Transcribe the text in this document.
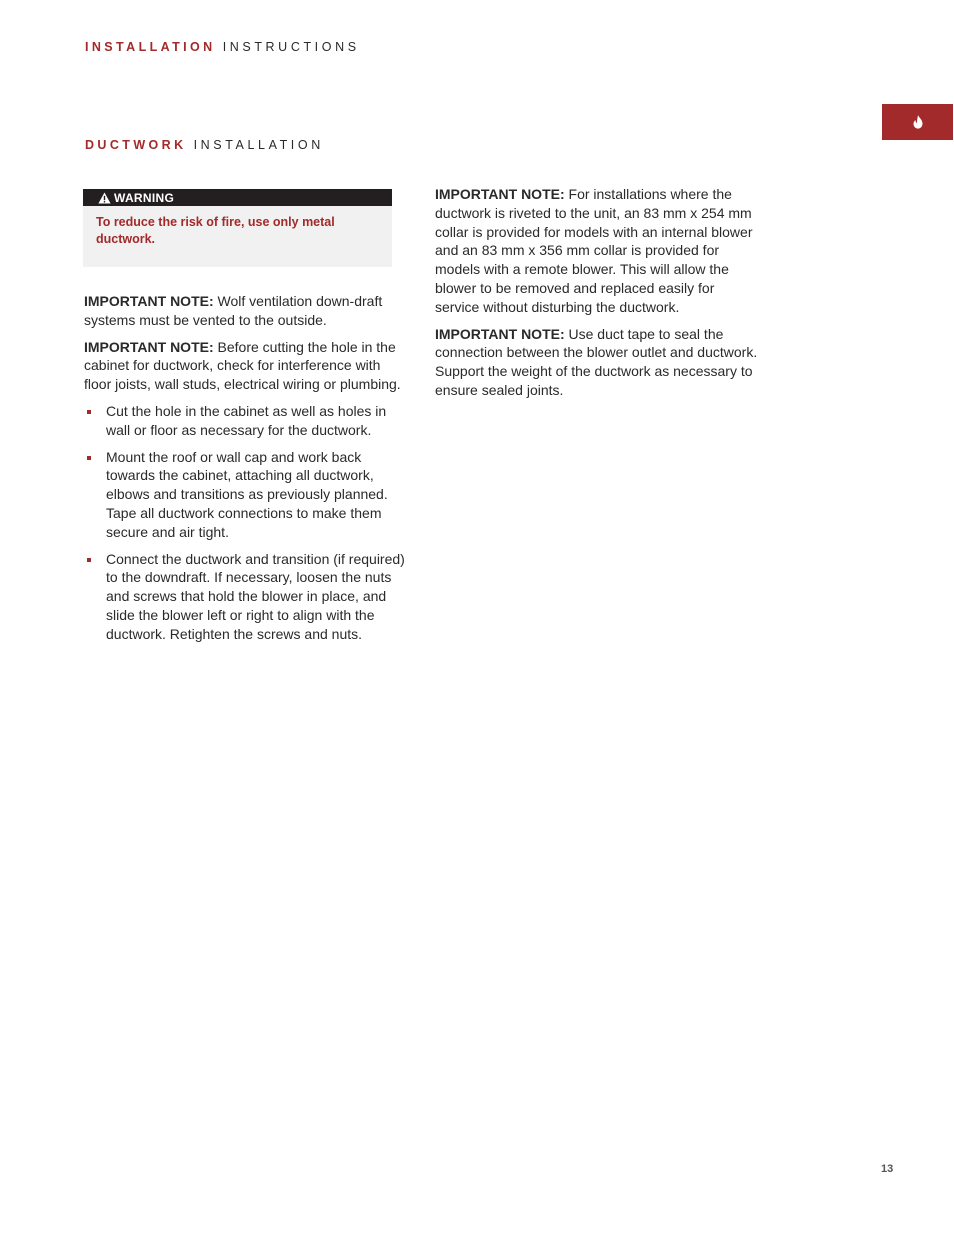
INSTALLATION INSTRUCTIONS
DUCTWORK INSTALLATION
WARNING
To reduce the risk of fire, use only metal ductwork.

IMPORTANT NOTE: Wolf ventilation down-draft systems must be vented to the outside.

IMPORTANT NOTE: Before cutting the hole in the cabinet for ductwork, check for interference with floor joists, wall studs, electrical wiring or plumbing.

Cut the hole in the cabinet as well as holes in wall or floor as necessary for the ductwork.
Mount the roof or wall cap and work back towards the cabinet, attaching all ductwork, elbows and transitions as previously planned. Tape all ductwork connections to make them secure and air tight.
Connect the ductwork and transition (if required) to the downdraft. If necessary, loosen the nuts and screws that hold the blower in place, and slide the blower left or right to align with the ductwork. Retighten the screws and nuts.

IMPORTANT NOTE: For installations where the ductwork is riveted to the unit, an 83 mm x 254 mm collar is provided for models with an internal blower and an 83 mm x 356 mm collar is provided for models with a remote blower. This will allow the blower to be removed and replaced easily for service without disturbing the ductwork.

IMPORTANT NOTE: Use duct tape to seal the connection between the blower outlet and ductwork. Support the weight of the ductwork as necessary to ensure sealed joints.

13
